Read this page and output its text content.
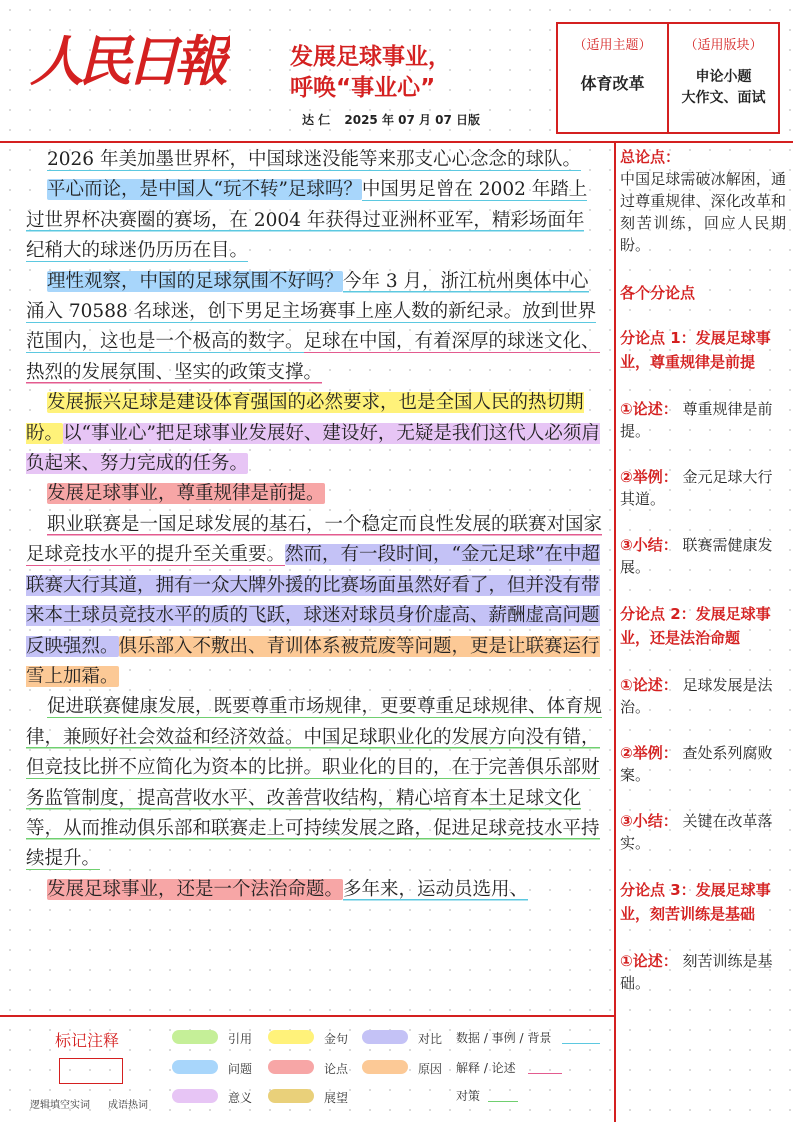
人民日報	发展足球事业，
呼唤“事业心”
达 仁 2025 年 07 月 07 日版
（适用主题）
体育改革
（适用版块）
申论小题
大作文、面试

2026 年美加墨世界杯，中国球迷没能等来那支心心念念的球队。

平心而论，是中国人“玩不转”足球吗？中国男足曾在 2002 年踏上过世界杯决赛圈的赛场，在 2004 年获得过亚洲杯亚军，精彩场面年纪稍大的球迷仍历历在目。

理性观察，中国的足球氛围不好吗？今年 3 月，浙江杭州奥体中心涌入 70588 名球迷，创下男足主场赛事上座人数的新纪录。放到世界范围内，这也是一个极高的数字。足球在中国，有着深厚的球迷文化、热烈的发展氛围、坚实的政策支撑。

发展振兴足球是建设体育强国的必然要求，也是全国人民的热切期盼。以“事业心”把足球事业发展好、建设好，无疑是我们这代人必须肩负起来、努力完成的任务。

发展足球事业，尊重规律是前提。

职业联赛是一国足球发展的基石，一个稳定而良性发展的联赛对国家足球竞技水平的提升至关重要。然而，有一段时间，“金元足球”在中超联赛大行其道，拥有一众大牌外援的比赛场面虽然好看了，但并没有带来本土球员竞技水平的质的飞跃，球迷对球员身价虚高、薪酬虚高问题反映强烈。俱乐部入不敷出、青训体系被荒废等问题，更是让联赛运行雪上加霜。

促进联赛健康发展，既要尊重市场规律，更要尊重足球规律、体育规律，兼顾好社会效益和经济效益。中国足球职业化的发展方向没有错，但竞技比拼不应简化为资本的比拼。职业化的目的，在于完善俱乐部财务监管制度，提高营收水平、改善营收结构，精心培育本土足球文化等，从而推动俱乐部和联赛走上可持续发展之路，促进足球竞技水平持续提升。

发展足球事业，还是一个法治命题。多年来，运动员选用、

总论点：

中国足球需破冰解困，通过尊重规律、深化改革和刻苦训练，回应人民期盼。

各个分论点

分论点 1：发展足球事业，尊重规律是前提

①论述： 尊重规律是前提。

②举例： 金元足球大行其道。

③小结： 联赛需健康发展。

分论点 2：发展足球事业，还是法治命题

①论述： 足球发展是法治。

②举例： 查处系列腐败案。

③小结： 关键在改革落实。

分论点 3：发展足球事业，刻苦训练是基础

①论述： 刻苦训练是基础。

标记注释
逻辑填空实词 成语热词
引用	金句	对比 数据 / 事例 / 背景
问题	论点	原因 解释 / 论述
意义	展望	对策
